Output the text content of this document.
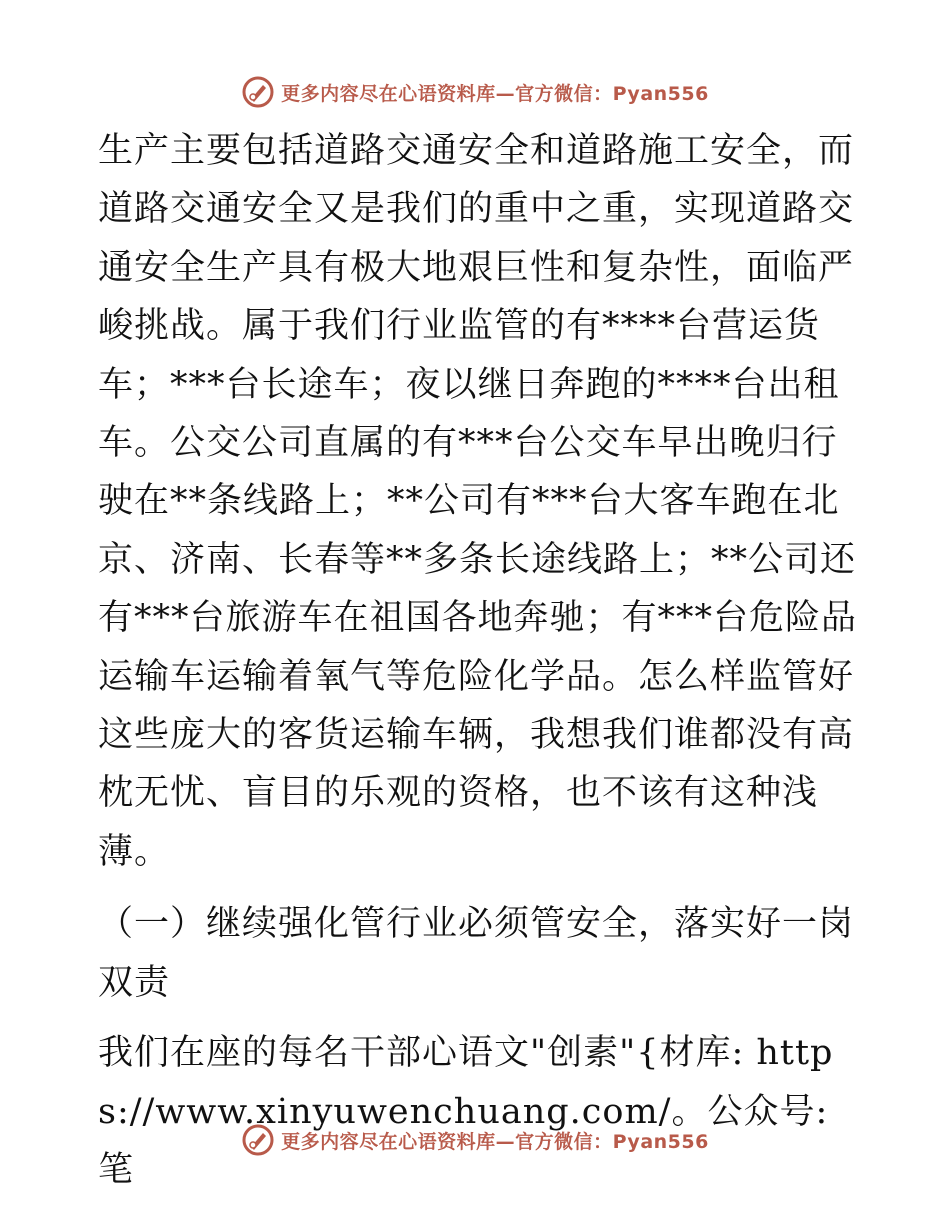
更多内容尽在心语资料库—官方微信：Pyan556

生产主要包括道路交通安全和道路施工安全，而道路交通安全又是我们的重中之重，实现道路交通安全生产具有极大地艰巨性和复杂性，面临严峻挑战。属于我们行业监管的有****台营运货车；***台长途车；夜以继日奔跑的****台出租车。公交公司直属的有***台公交车早出晚归行驶在**条线路上；**公司有***台大客车跑在北京、济南、长春等**多条长途线路上；**公司还有***台旅游车在祖国各地奔驰；有***台危险品运输车运输着氧气等危险化学品。怎么样监管好这些庞大的客货运输车辆，我想我们谁都没有高枕无忧、盲目的乐观的资格，也不该有这种浅薄。

（一）继续强化管行业必须管安全，落实好一岗双责

我们在座的每名干部心语文"创素"{材库: https://www.xinyuwenchuang.com/。公众号: 笔

更多内容尽在心语资料库—官方微信：Pyan556
